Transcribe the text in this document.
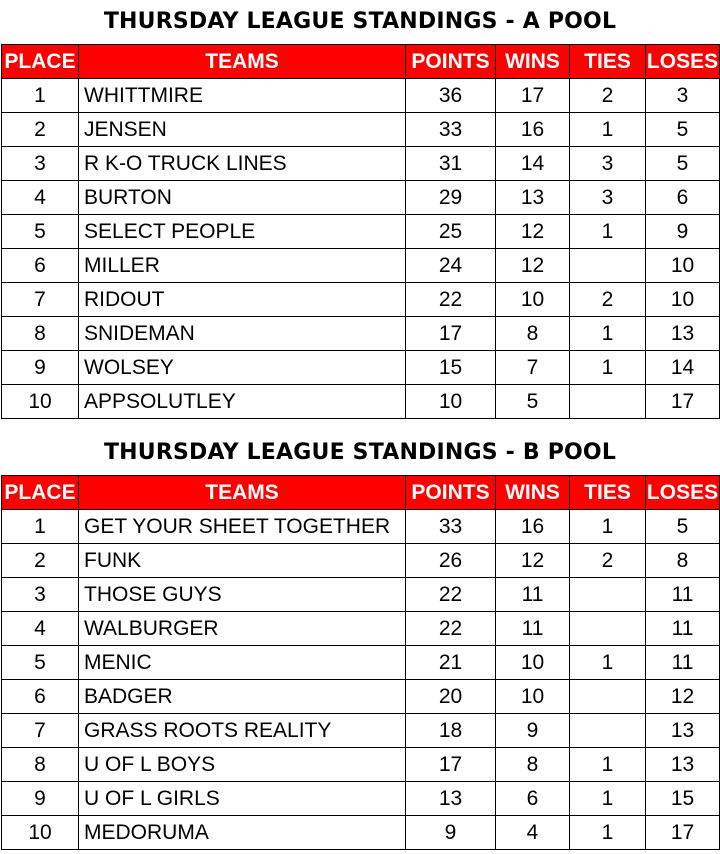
THURSDAY LEAGUE STANDINGS - A POOL
PLACE	TEAMS	POINTS	WINS	TIES	LOSES
1	WHITTMIRE	36	17	2	3
2	JENSEN	33	16	1	5
3	R K-O TRUCK LINES	31	14	3	5
4	BURTON	29	13	3	6
5	SELECT PEOPLE	25	12	1	9
6	MILLER	24	12		10
7	RIDOUT	22	10	2	10
8	SNIDEMAN	17	8	1	13
9	WOLSEY	15	7	1	14
10	APPSOLUTLEY	10	5		17
THURSDAY LEAGUE STANDINGS - B POOL
PLACE	TEAMS	POINTS	WINS	TIES	LOSES
1	GET YOUR SHEET TOGETHER	33	16	1	5
2	FUNK	26	12	2	8
3	THOSE GUYS	22	11		11
4	WALBURGER	22	11		11
5	MENIC	21	10	1	11
6	BADGER	20	10		12
7	GRASS ROOTS REALITY	18	9		13
8	U OF L BOYS	17	8	1	13
9	U OF L GIRLS	13	6	1	15
10	MEDORUMA	9	4	1	17
